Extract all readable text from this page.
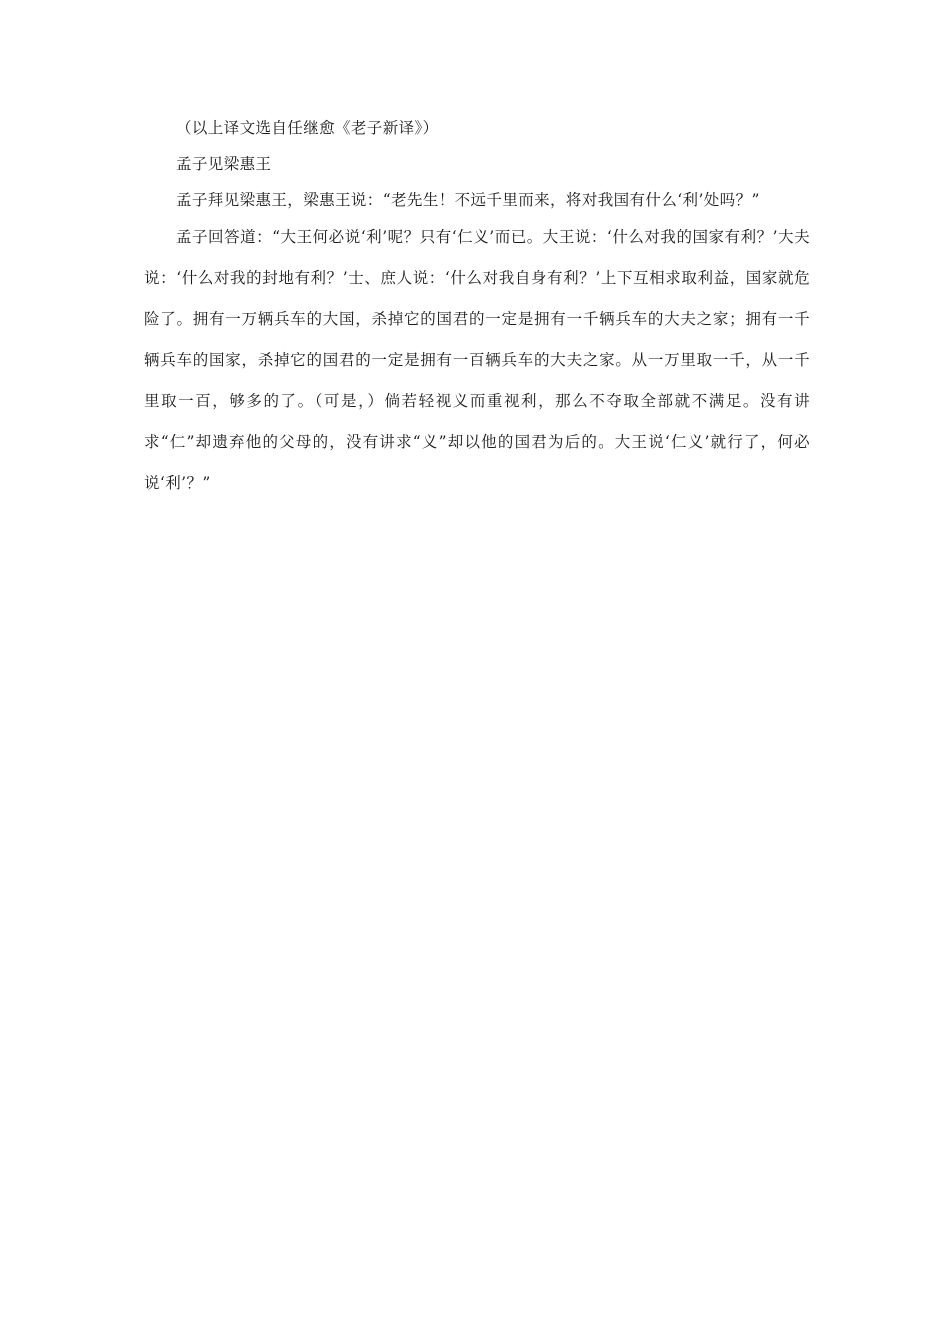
（以上译文选自任继愈《老子新译》）

孟子见梁惠王

孟子拜见梁惠王，梁惠王说：“老先生！不远千里而来，将对我国有什么‘利’处吗？”

孟子回答道：“大王何必说‘利’呢？只有‘仁义’而已。大王说：‘什么对我的国家有利？’大夫说：‘什么对我的封地有利？’士、庶人说：‘什么对我自身有利？’上下互相求取利益，国家就危险了。拥有一万辆兵车的大国，杀掉它的国君的一定是拥有一千辆兵车的大夫之家；拥有一千辆兵车的国家，杀掉它的国君的一定是拥有一百辆兵车的大夫之家。从一万里取一千，从一千里取一百，够多的了。（可是，）倘若轻视义而重视利，那么不夺取全部就不满足。没有讲求“仁”却遗弃他的父母的，没有讲求“义”却以他的国君为后的。大王说‘仁义’就行了，何必说‘利’？”
